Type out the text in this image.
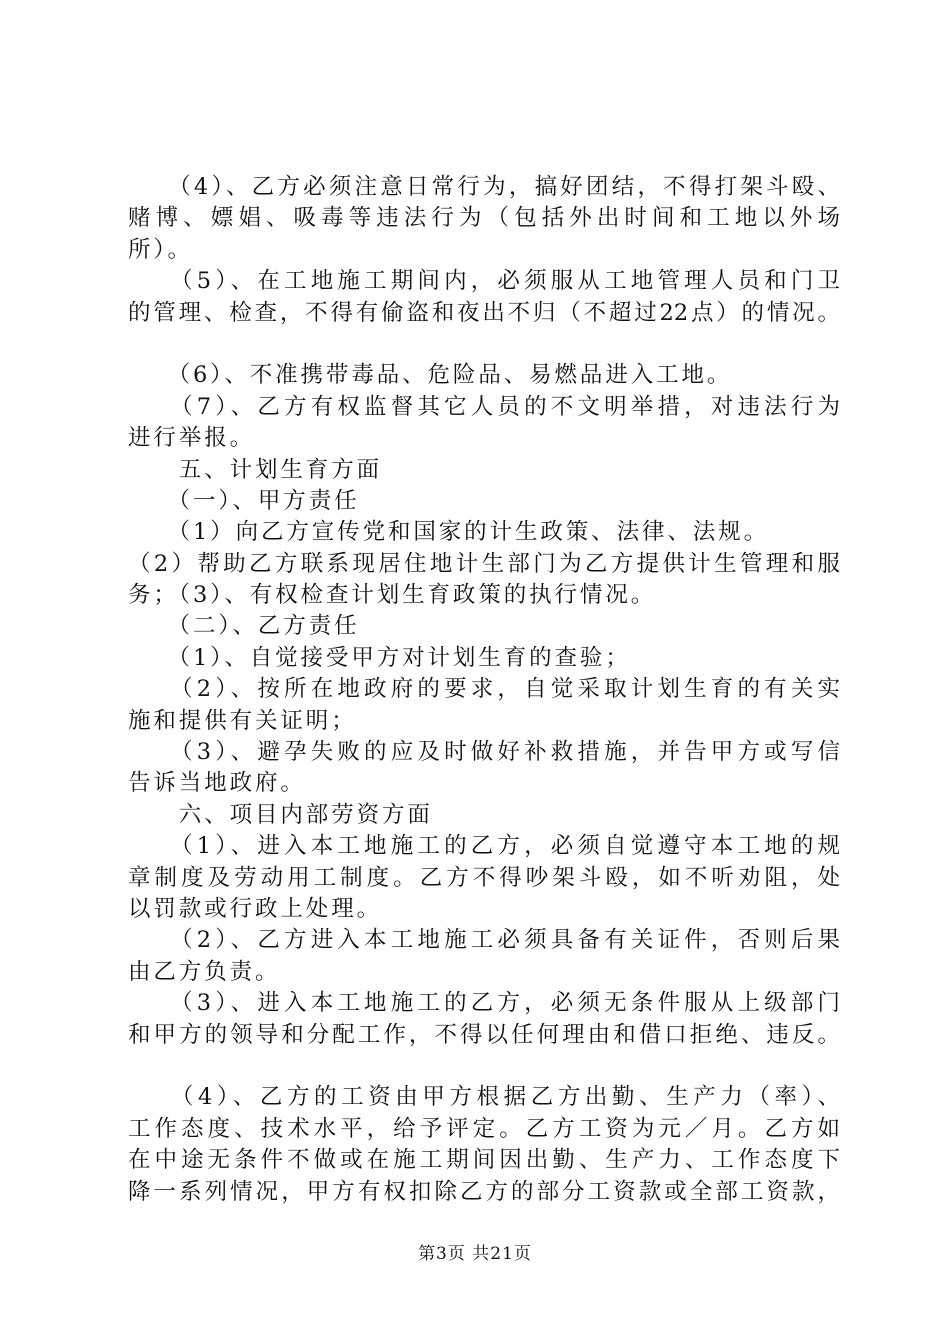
　　（4）、乙方必须注意日常行为，搞好团结，不得打架斗殴、
赌博、嫖娼、吸毒等违法行为（包括外出时间和工地以外场
所）。
　　（5）、在工地施工期间内，必须服从工地管理人员和门卫
的管理、检查，不得有偷盗和夜出不归（不超过22点）的情况。
　　（6）、不准携带毒品、危险品、易燃品进入工地。
　　（7）、乙方有权监督其它人员的不文明举措，对违法行为
进行举报。
　　五、计划生育方面
　　（一）、甲方责任
　　（1）向乙方宣传党和国家的计生政策、法律、法规。
（2）帮助乙方联系现居住地计生部门为乙方提供计生管理和服
务；（3）、有权检查计划生育政策的执行情况。
　　（二）、乙方责任
　　（1）、自觉接受甲方对计划生育的查验；
　　（2）、按所在地政府的要求，自觉采取计划生育的有关实
施和提供有关证明；
　　（3）、避孕失败的应及时做好补救措施，并告甲方或写信
告诉当地政府。
　　六、项目内部劳资方面
　　（1）、进入本工地施工的乙方，必须自觉遵守本工地的规
章制度及劳动用工制度。乙方不得吵架斗殴，如不听劝阻，处
以罚款或行政上处理。
　　（2）、乙方进入本工地施工必须具备有关证件，否则后果
由乙方负责。
　　（3）、进入本工地施工的乙方，必须无条件服从上级部门
和甲方的领导和分配工作，不得以任何理由和借口拒绝、违反。
　　（4）、乙方的工资由甲方根据乙方出勤、生产力（率）、
工作态度、技术水平，给予评定。乙方工资为元／月。乙方如
在中途无条件不做或在施工期间因出勤、生产力、工作态度下
降一系列情况，甲方有权扣除乙方的部分工资款或全部工资款，
第3页 共21页
